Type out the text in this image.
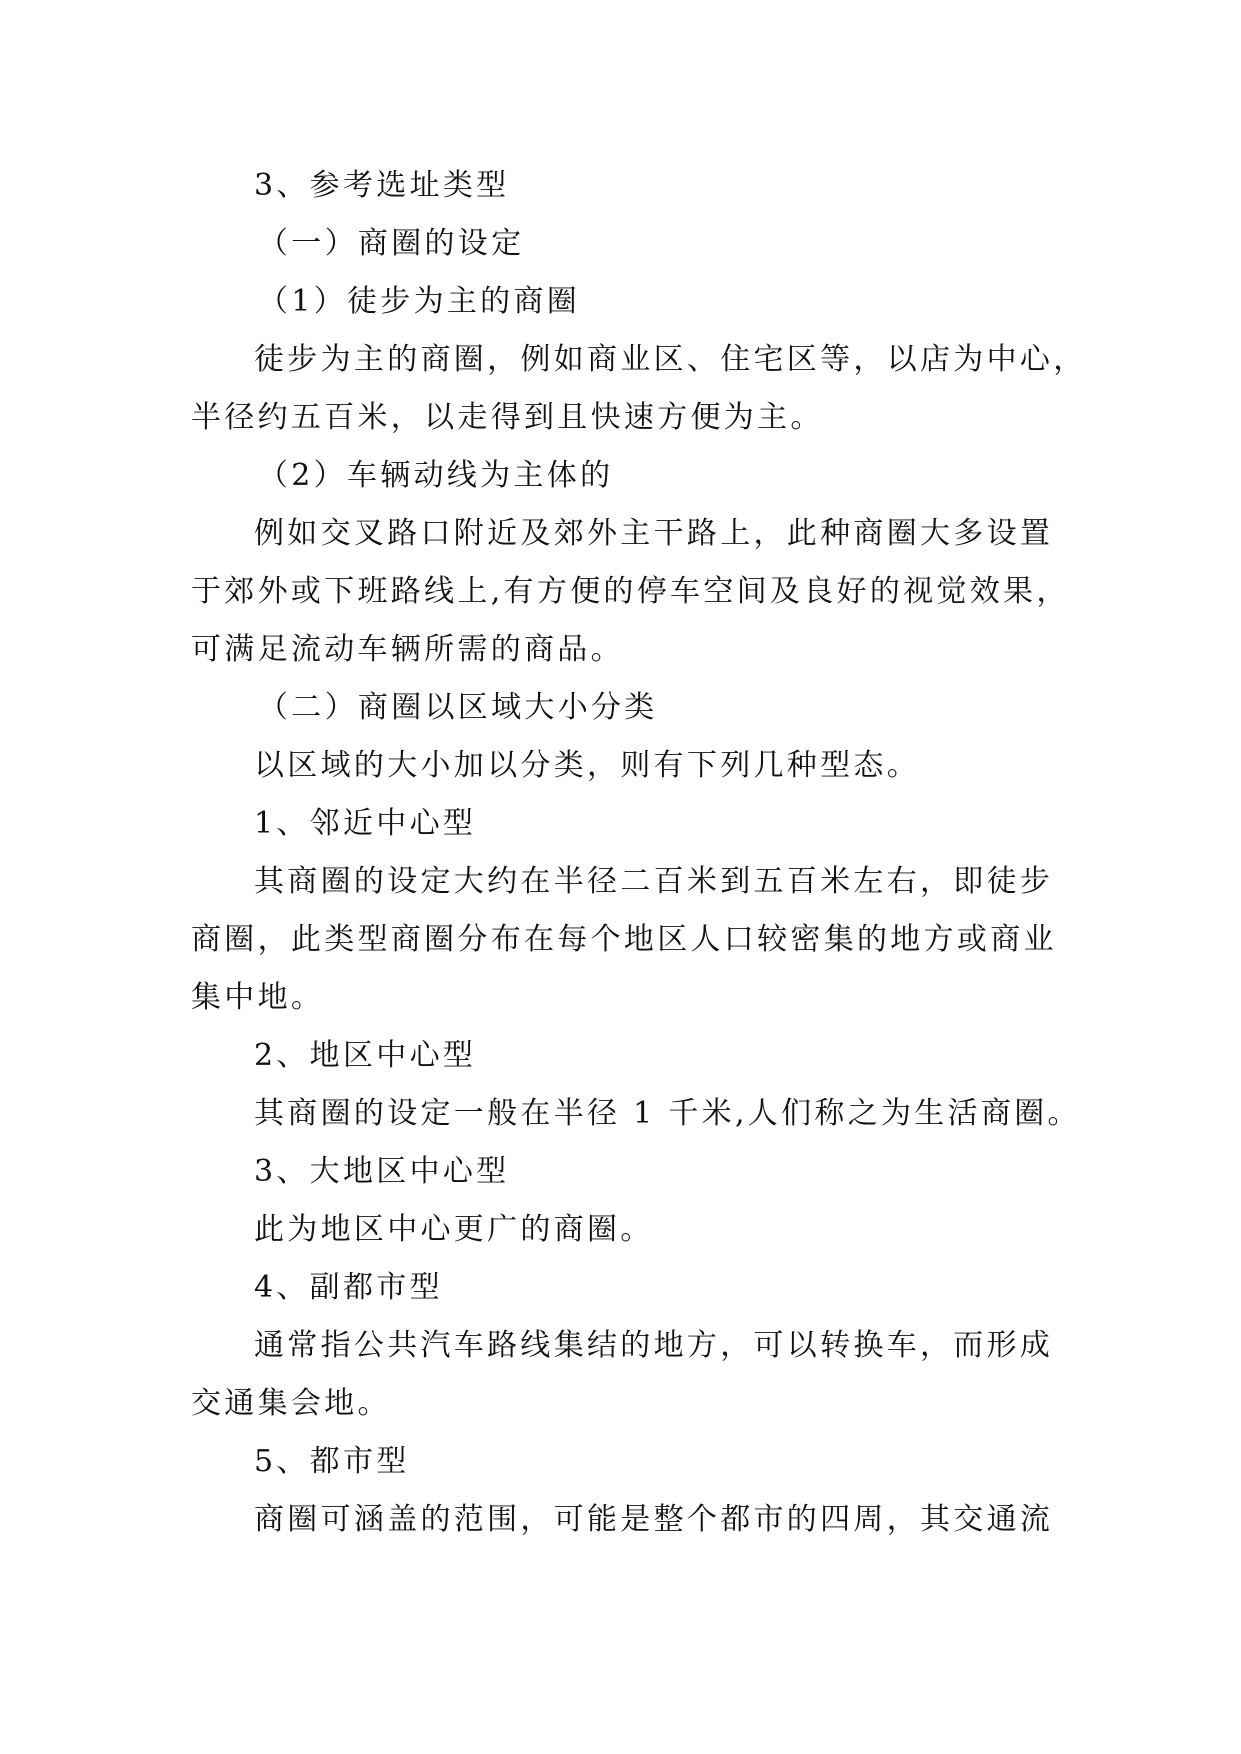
3、参考选址类型
（一）商圈的设定
（1）徒步为主的商圈
徒步为主的商圈，例如商业区、住宅区等，以店为中心，
半径约五百米，以走得到且快速方便为主。
（2）车辆动线为主体的
例如交叉路口附近及郊外主干路上，此种商圈大多设置
于郊外或下班路线上,有方便的停车空间及良好的视觉效果，
可满足流动车辆所需的商品。
（二）商圈以区域大小分类
以区域的大小加以分类，则有下列几种型态。
1、邻近中心型
其商圈的设定大约在半径二百米到五百米左右，即徒步
商圈，此类型商圈分布在每个地区人口较密集的地方或商业
集中地。
2、地区中心型
其商圈的设定一般在半径 1 千米,人们称之为生活商圈。
3、大地区中心型
此为地区中心更广的商圈。
4、副都市型
通常指公共汽车路线集结的地方，可以转换车，而形成
交通集会地。
5、都市型
商圈可涵盖的范围，可能是整个都市的四周，其交通流
